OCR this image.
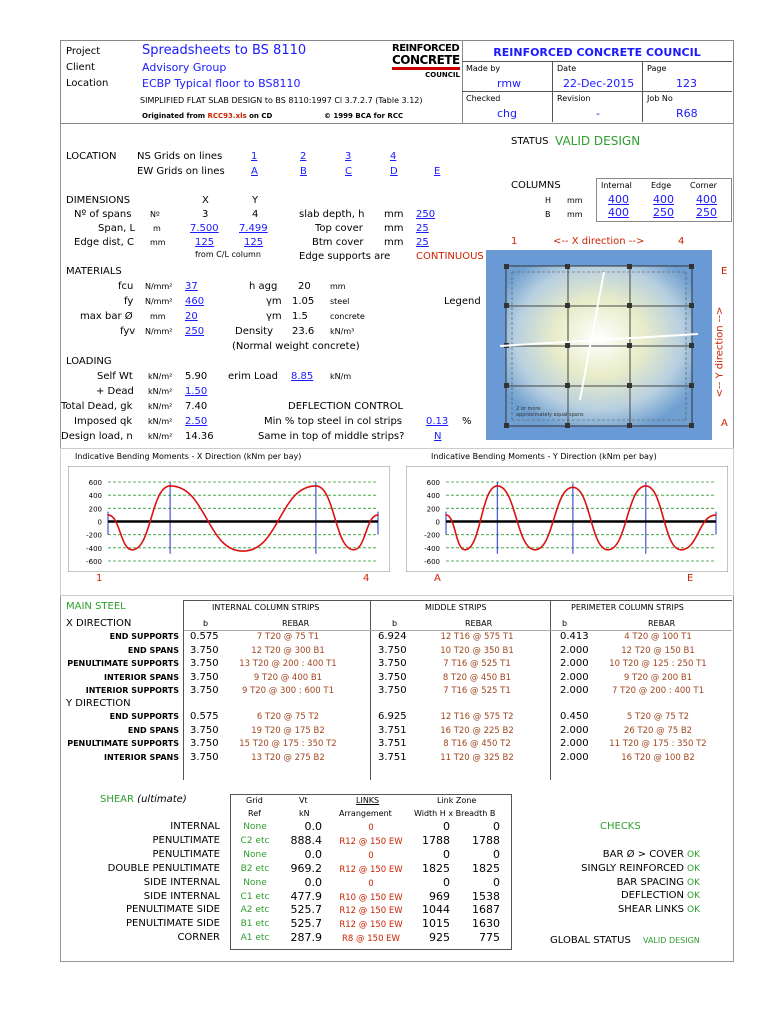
Project	Spreadsheets to BS 8110
Client	Advisory Group
Location	ECBP Typical floor to BS8110
SIMPLIFIED FLAT SLAB DESIGN to BS 8110:1997 Cl 3.7.2.7 (Table 3.12)
Originated from RCC93.xls on CD	© 1999 BCA for RCC
REINFORCED
CONCRETE
COUNCIL
REINFORCED CONCRETE COUNCIL
Made by
rmw
Date
22-Dec-2015
Page
123
Checked
chg
Revision
-
Job No
R68
STATUS VALID DESIGN
LOCATION NS Grids on lines	1	2	3	4
EW Grids on lines	A	B	C	D	E
COLUMNS	Internal Edge Corner
H mm 400 400 400
B mm 400 250 250
DIMENSIONS	X	Y
Nº of spans Nº	3	4	slab depth, h mm 250
Span, L m	7.500 7.499	Top cover mm 25
Edge dist, C mm	125	125	Btm cover mm 25
from C/L column	Edge supports are	CONTINUOUS
MATERIALS
fcu N/mm² 37	h agg 20 mm
fy N/mm² 460	γm 1.05 steel	Legend
max bar Ø mm 20	γm 1.5	concrete
fyv N/mm² 250	Density 23.6 kN/m³
(Normal weight concrete)
LOADING
Self Wt kN/m² 5.90 erim Load 8.85 kN/m
+ Dead kN/m² 1.50
Total Dead, gk kN/m² 7.40	DEFLECTION CONTROL
Imposed qk kN/m² 2.50	Min % top steel in col strips 0.13 %
Design load, n kN/m² 14.36	Same in top of middle strips?	N
1	<-- X direction -->	4
E
A
<-- Y direction -->
2 or more
approximately equal spans
Indicative Bending Moments - X Direction (kNm per bay)	Indicative Bending Moments - Y Direction (kNm per bay)
600
400
200
0
-200
-400
-600
600
400
200
0
-200
-400
-600
1	4	A	E
MAIN STEEL
X DIRECTION
Y DIRECTION
INTERNAL COLUMN STRIPS	MIDDLE STRIPS	PERIMETER COLUMN STRIPS
b	REBAR	b	REBAR	b	REBAR
END SUPPORTS 0.575	7 T20 @ 75 T1	6.924	12 T16 @ 575 T1	0.413	4 T20 @ 100 T1
END SPANS 3.750	12 T20 @ 300 B1	3.750	10 T20 @ 350 B1	2.000	12 T20 @ 150 B1
PENULTIMATE SUPPORTS 3.750	13 T20 @ 200 : 400 T1	3.750	7 T16 @ 525 T1	2.000	10 T20 @ 125 : 250 T1
INTERIOR SPANS 3.750	9 T20 @ 400 B1	3.750	8 T20 @ 450 B1	2.000	9 T20 @ 200 B1
INTERIOR SUPPORTS 3.750	9 T20 @ 300 : 600 T1	3.750	7 T16 @ 525 T1	2.000	7 T20 @ 200 : 400 T1
END SUPPORTS 0.575	6 T20 @ 75 T2	6.925	12 T16 @ 575 T2	0.450	5 T20 @ 75 T2
END SPANS 3.750	19 T20 @ 175 B2	3.751	16 T20 @ 225 B2	2.000	26 T20 @ 75 B2
PENULTIMATE SUPPORTS 3.750	15 T20 @ 175 : 350 T2	3.751	8 T16 @ 450 T2	2.000	11 T20 @ 175 : 350 T2
INTERIOR SPANS 3.750	13 T20 @ 275 B2	3.751	11 T20 @ 325 B2	2.000	16 T20 @ 100 B2
SHEAR (ultimate)	Grid	Vt	LINKS	Link Zone
Ref	kN	Arrangement	Width H x Breadth B
INTERNAL	None	0.0	0	0	0
PENULTIMATE	C2 etc	888.4	R12 @ 150 EW	1788	1788
PENULTIMATE	None	0.0	0	0	0
DOUBLE PENULTIMATE	B2 etc	969.2	R12 @ 150 EW	1825	1825
SIDE INTERNAL	None	0.0	0	0	0
SIDE INTERNAL	C1 etc	477.9	R10 @ 150 EW	969	1538
PENULTIMATE SIDE	A2 etc	525.7	R12 @ 150 EW	1044	1687
PENULTIMATE SIDE	B1 etc	525.7	R12 @ 150 EW	1015	1630
CORNER	A1 etc	287.9	R8 @ 150 EW	925	775
CHECKS
BAR Ø > COVER OK
SINGLY REINFORCED OK
BAR SPACING OK
DEFLECTION OK
SHEAR LINKS OK
GLOBAL STATUS VALID DESIGN
